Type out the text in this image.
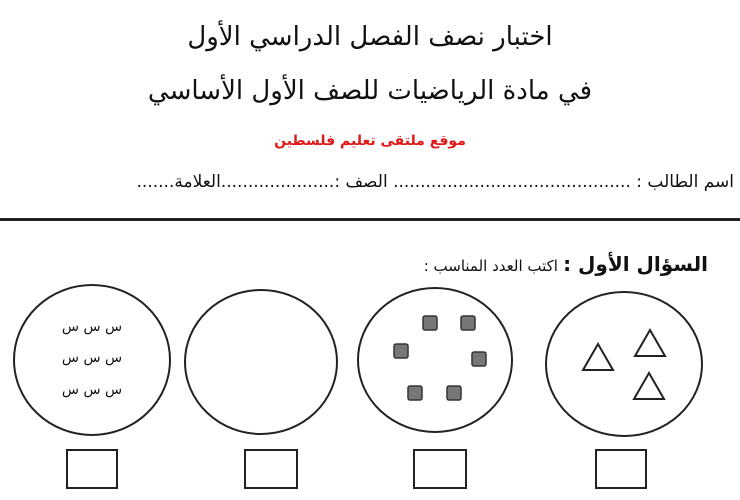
اختبار نصف الفصل الدراسي الأول
في مادة الرياضيات للصف الأول الأساسي
موقع ملتقى تعليم فلسطين
اسم الطالب : ............................................ الصف :.....................العلامة.......
السؤال الأول : اكتب العدد المناسب :
س س س
س س س
س س س
